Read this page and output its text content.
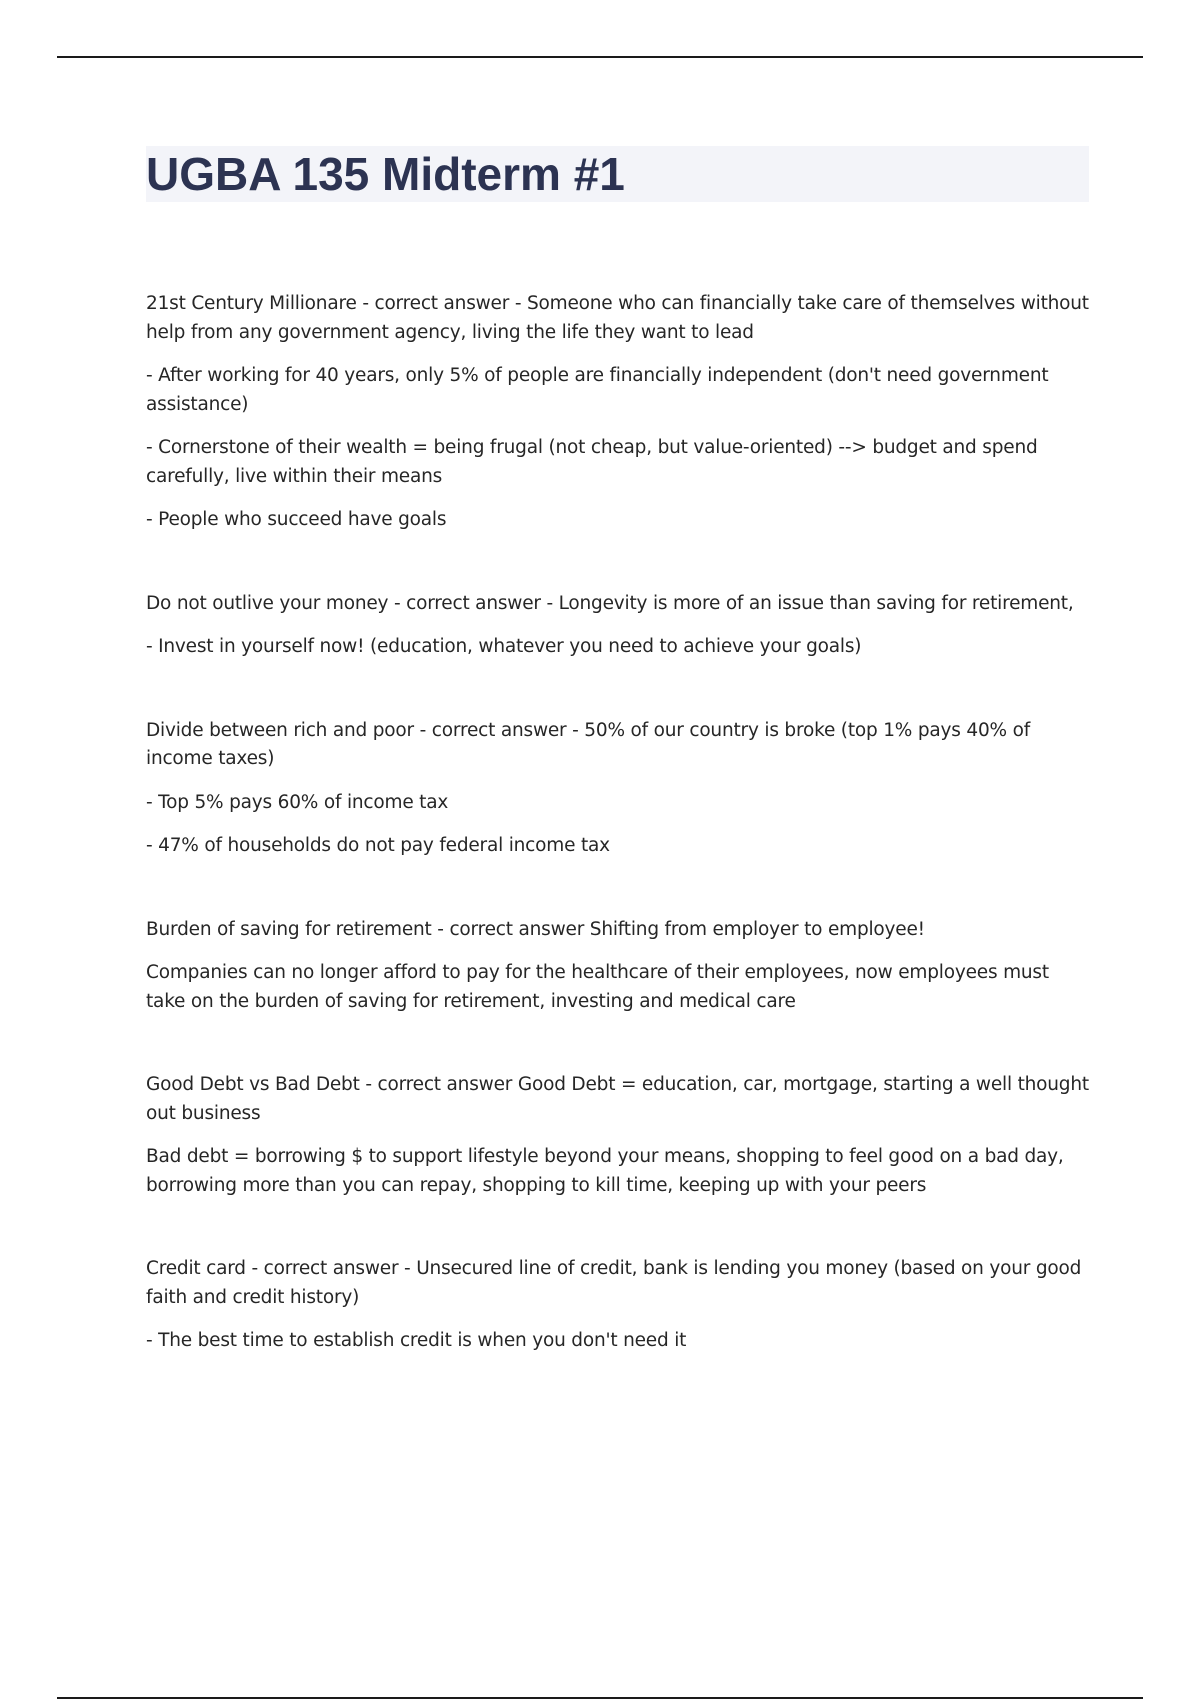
UGBA 135 Midterm #1

21st Century Millionare - correct answer - Someone who can financially take care of themselves without help from any government agency, living the life they want to lead

- After working for 40 years, only 5% of people are financially independent (don't need government assistance)

- Cornerstone of their wealth = being frugal (not cheap, but value-oriented) --> budget and spend carefully, live within their means

- People who succeed have goals

Do not outlive your money - correct answer - Longevity is more of an issue than saving for retirement,

- Invest in yourself now! (education, whatever you need to achieve your goals)

Divide between rich and poor - correct answer - 50% of our country is broke (top 1% pays 40% of income taxes)

- Top 5% pays 60% of income tax

- 47% of households do not pay federal income tax

Burden of saving for retirement - correct answer Shifting from employer to employee!

Companies can no longer afford to pay for the healthcare of their employees, now employees must take on the burden of saving for retirement, investing and medical care

Good Debt vs Bad Debt - correct answer Good Debt = education, car, mortgage, starting a well thought out business

Bad debt = borrowing $ to support lifestyle beyond your means, shopping to feel good on a bad day, borrowing more than you can repay, shopping to kill time, keeping up with your peers

Credit card - correct answer - Unsecured line of credit, bank is lending you money (based on your good faith and credit history)

- The best time to establish credit is when you don't need it
